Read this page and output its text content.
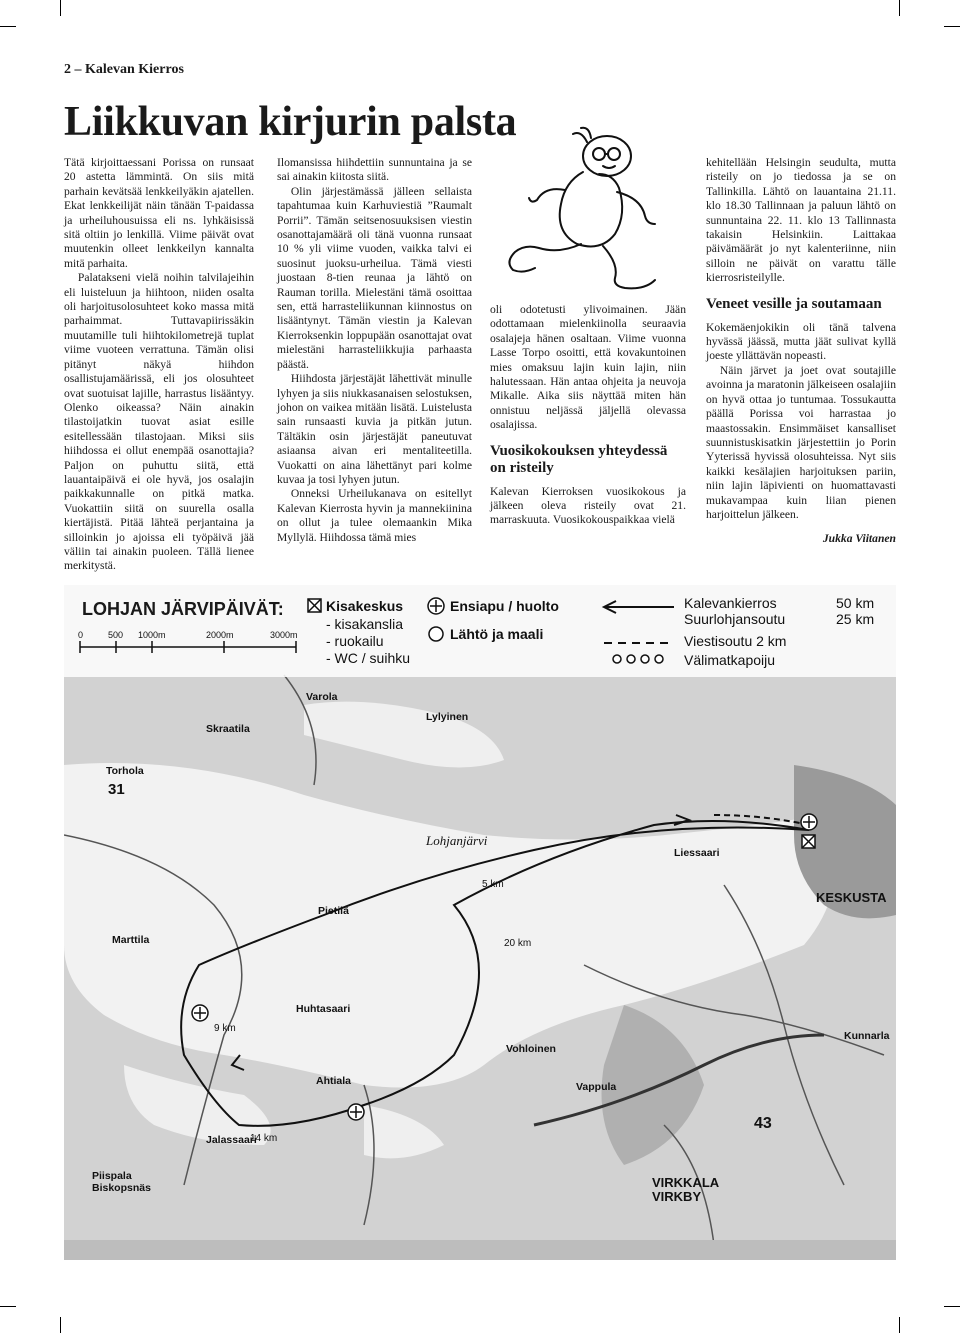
2 – Kalevan Kierros
Liikkuvan kirjurin palsta

Tätä kirjoittaessani Porissa on runsaat 20 astetta lämmintä. On siis mitä parhain kevätsää lenkkeilyäkin ajatellen. Ekat lenkkeilijät näin tänään T-paidassa ja urheiluhousuissa eli ns. lyhkäisissä sitä oltiin jo lenkillä. Viime päivät ovat muutenkin olleet lenkkeilyn kannalta mitä parhaita.

Palatakseni vielä noihin talvilajeihin eli luisteluun ja hiihtoon, niiden osalta oli harjoitusolosuhteet koko massa mitä parhaimmat. Tuttavapiirissäkin muutamille tuli hiihtokilometrejä tuplat viime vuoteen verrattuna. Tämän olisi pitänyt näkyä hiihdon osallistujamäärissä, eli jos olosuhteet ovat suotuisat lajille, harrastus lisääntyy. Olenko oikeassa? Näin ainakin tilastoijatkin tuovat asiat esille esitellessään tilastojaan. Miksi siis hiihdossa ei ollut enempää osanottajia? Paljon on puhuttu siitä, että lauantaipäivä ei ole hyvä, jos osalajin paikkakunnalle on pitkä matka. Vuokattiin siitä on suurella osalla kiertäjistä. Pitää lähteä perjantaina ja silloinkin jo ajoissa eli työpäivä jää väliin tai ainakin puoleen. Tällä lienee merkitystä.

Ilomansissa hiihdettiin sunnuntaina ja se sai ainakin kiitosta siitä.

Olin järjestämässä jälleen sellaista tapahtumaa kuin Karhuviestiä ”Raumalt Porrii”. Tämän seitsenosuuksisen viestin osanottajamäärä oli tänä vuonna runsaat 10 % yli viime vuoden, vaikka talvi ei suosinut juoksu-urheilua. Tämä viesti juostaan 8-tien reunaa ja lähtö on Rauman torilla. Mielestäni tämä osoittaa sen, että harrasteliikunnan kiinnostus on lisääntynyt. Tämän viestin ja Kalevan Kierroksenkin loppupään osanottajat ovat mielestäni harrasteliikkujia parhaasta päästä.

Hiihdosta järjestäjät lähettivät minulle lyhyen ja siis niukkasanaisen selostuksen, johon on vaikea mitään lisätä. Luistelusta sain runsaasti kuvia ja pitkän jutun. Tältäkin osin järjestäjät paneutuvat asiaansa aivan eri mentaliteetilla. Vuokatti on aina lähettänyt pari kolme kuvaa ja tosi lyhyen jutun.

Onneksi Urheilukanava on esitellyt Kalevan Kierrosta hyvin ja mannekiinina on ollut ja tulee olemaankin Mika Myllylä. Hiihdossa tämä mies

oli odotetusti ylivoimainen. Jään odottamaan mielenkiinolla seuraavia osalajeja hänen osaltaan. Viime vuonna Lasse Torpo osoitti, että kovakuntoinen mies omaksuu lajin kuin lajin, niin halutessaan. Hän antaa ohjeita ja neuvoja Mikalle. Aika siis näyttää miten hän onnistuu neljässä jäljellä olevassa osalajissa.

Vuosikokouksen yhteydessä on risteily

Kalevan Kierroksen vuosikokous ja jälkeen oleva risteily ovat 21. marraskuuta. Vuosikokouspaikkaa vielä

kehitellään Helsingin seudulta, mutta risteily on jo tiedossa ja se on Tallinkilla. Lähtö on lauantaina 21.11. klo 18.30 Tallinnaan ja paluun lähtö on sunnuntaina 22. 11. klo 13 Tallinnasta takaisin Helsinkiin. Laittakaa päivämäärät jo nyt kalenteriinne, niin silloin ne päivät on varattu tälle kierrosristeilylle.

Veneet vesille ja soutamaan

Kokemäenjokikin oli tänä talvena hyvässä jäässä, mutta jäät sulivat kyllä joeste yllättävän nopeasti.

Näin järvet ja joet ovat soutajille avoinna ja maratonin jälkeiseen osalajiin on hyvä ottaa jo tuntumaa. Tossukautta päällä Porissa voi harrastaa jo maastossakin. Ensimmäiset kansalliset suunnistuskisatkin järjestettiin jo Porin Yyterissä hyvissä olosuhteissa. Nyt siis kaikki kesälajien harjoituksen pariin, niin lajin läpivienti on huomattavasti mukavampaa kuin liian pienen harjoittelun jälkeen.

Jukka Viitanen

LOHJAN JÄRVIPÄIVÄT:
0	500 1000m	2000m	3000m
Kisakeskus
- kisakanslia
- ruokailu
- WC / suihku
Ensiapu / huolto
Lähtö ja maali
Kalevankierros	50 km
Suurlohjansoutu	25 km
Viestisoutu 2 km
Välimatkapoiju
Varola
Lylyinen
Skraatila
Torhola
31
Lohjanjärvi
Liessaari
KESKUSTA
Pietilä
Marttila
Huhtasaari
Vohloinen
Vappula
Kunnarla
Ahtiala
Jalassaari
Piispala
Biskopsnäs	VIRKKALA
VIRKBY
43
5 km
9 km
14 km
20 km
